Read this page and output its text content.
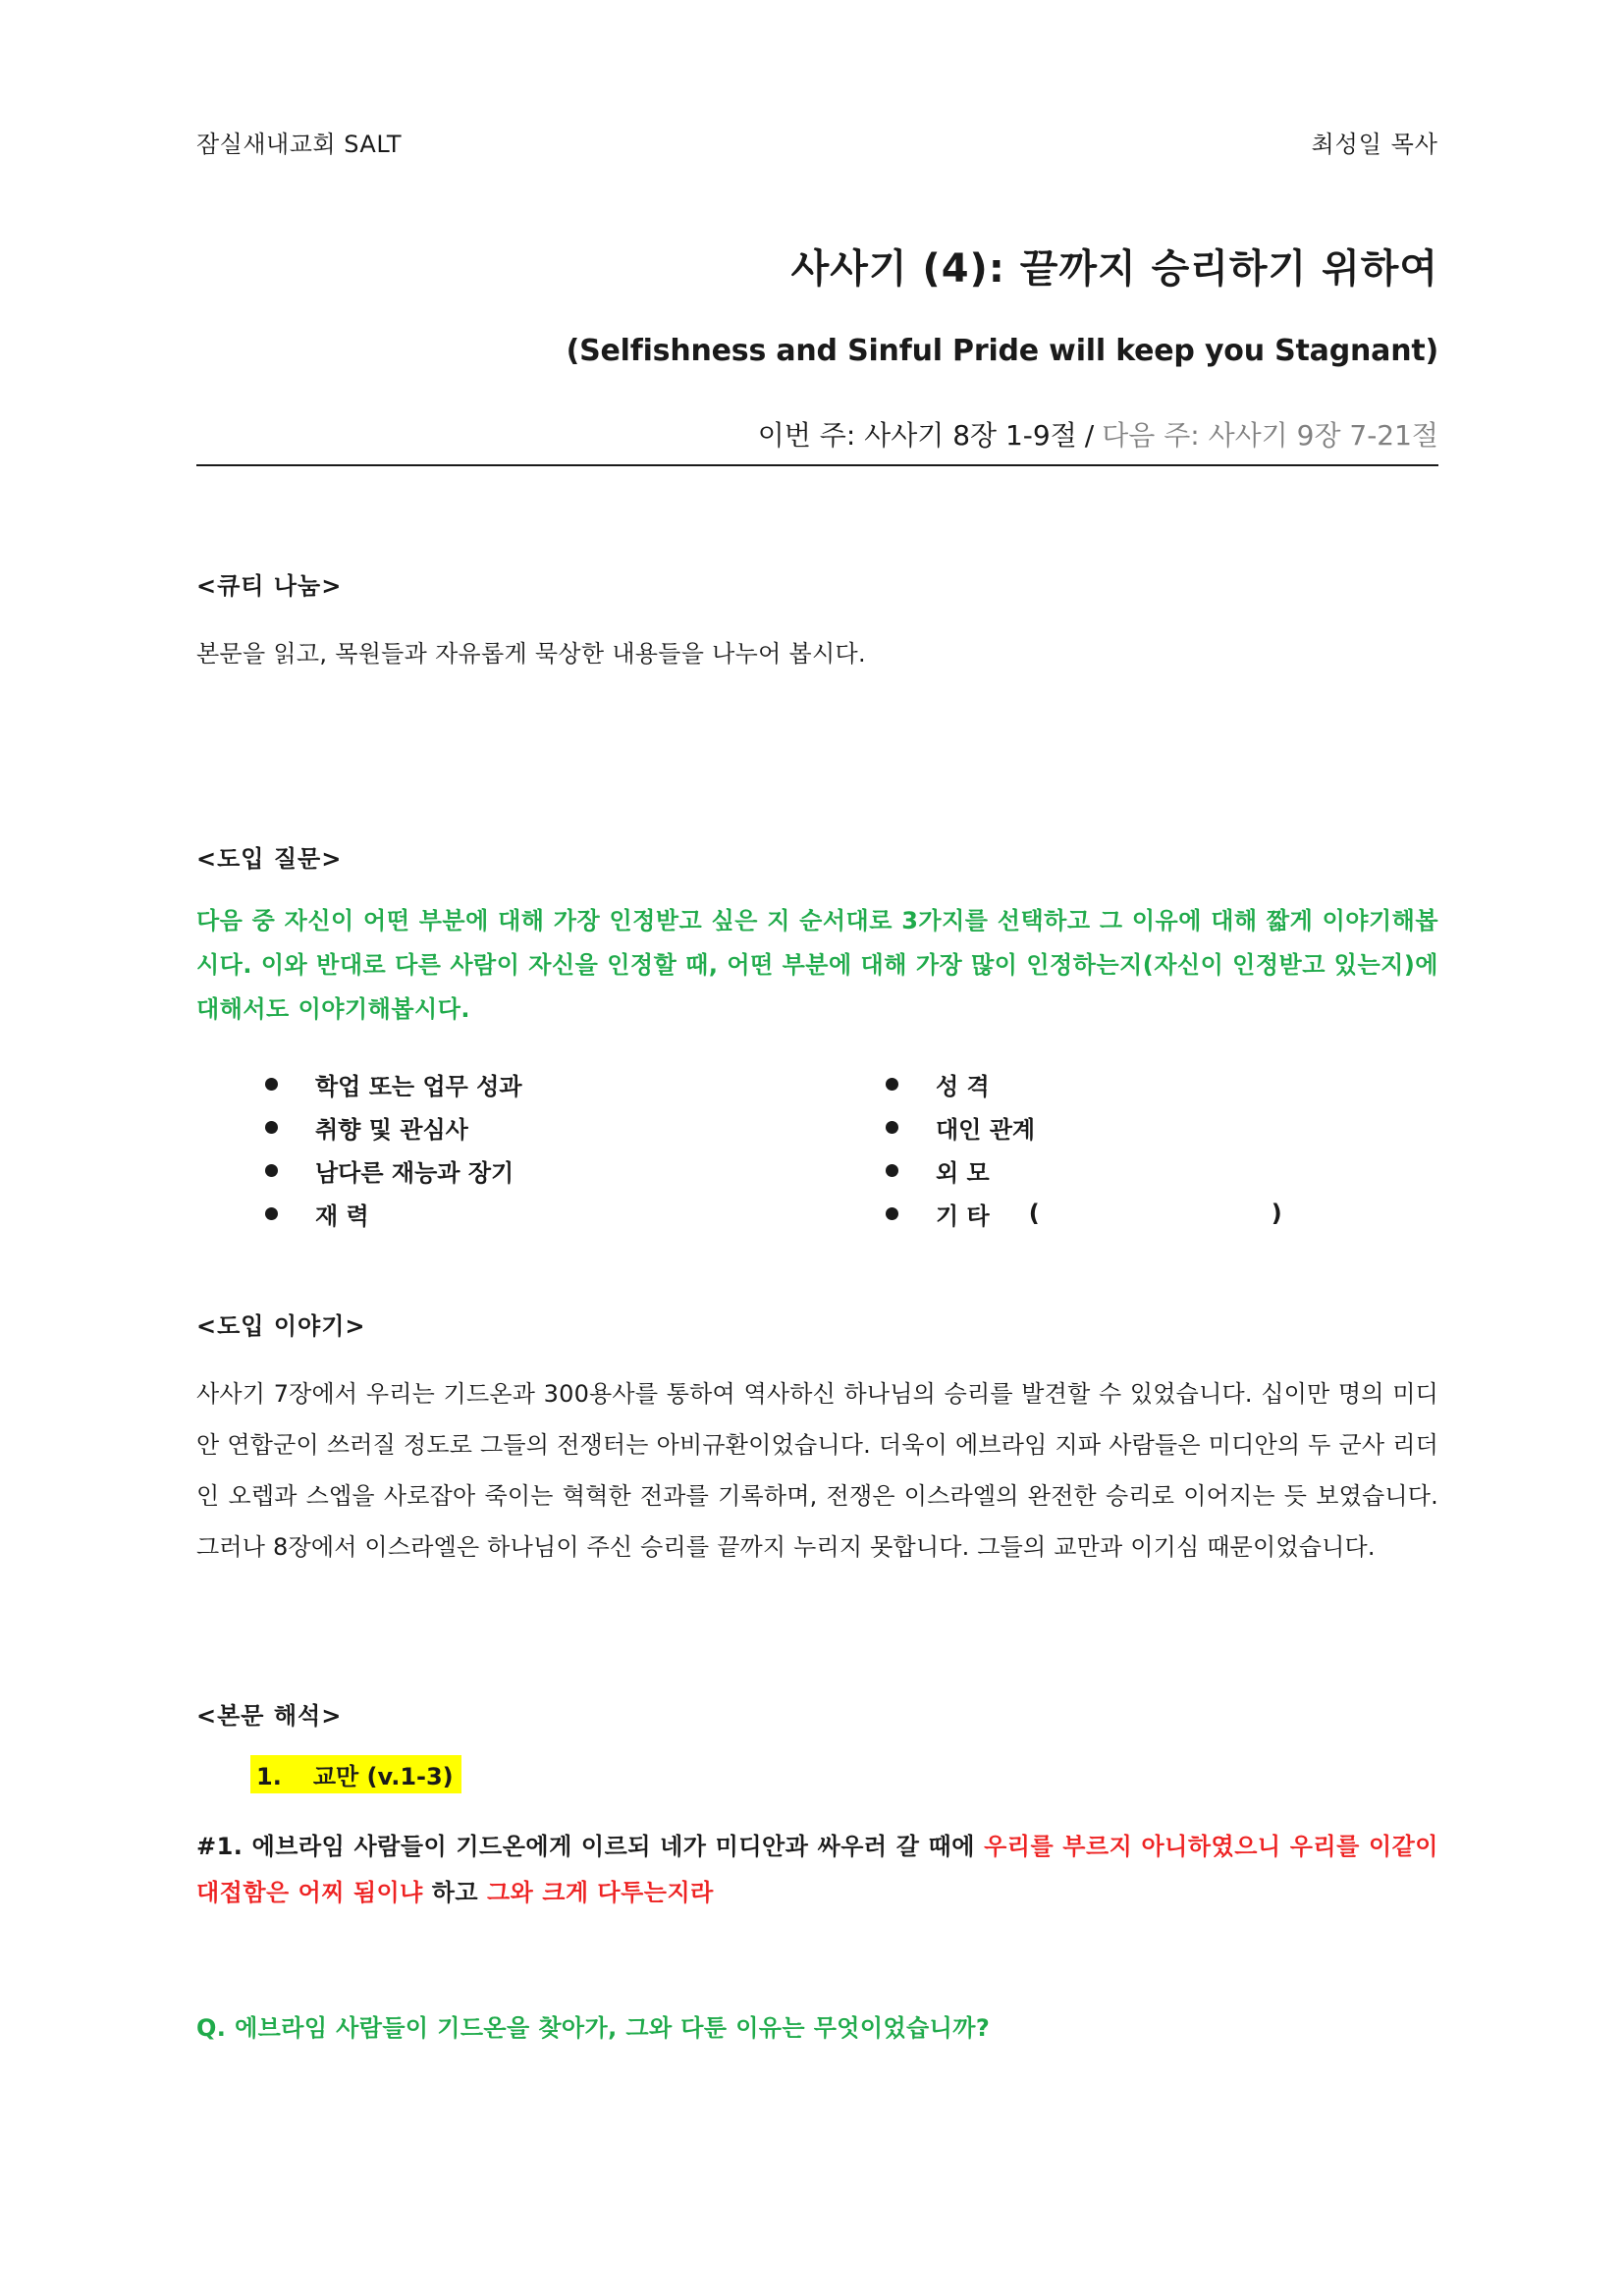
잠실새내교회 SALT	최성일 목사
사사기 (4): 끝까지 승리하기 위하여
(Selfishness and Sinful Pride will keep you Stagnant)
이번 주: 사사기 8장 1-9절 / 다음 주: 사사기 9장 7-21절
<큐티 나눔>
본문을 읽고, 목원들과 자유롭게 묵상한 내용들을 나누어 봅시다.
<도입 질문>
다음 중 자신이 어떤 부분에 대해 가장 인정받고 싶은 지 순서대로 3가지를 선택하고 그 이유에 대해 짧게 이야기해봅시다. 이와 반대로 다른 사람이 자신을 인정할 때, 어떤 부분에 대해 가장 많이 인정하는지(자신이 인정받고 있는지)에 대해서도 이야기해봅시다.
학업 또는 업무 성과
취향 및 관심사
남다른 재능과 장기
재 력
성 격
대인 관계
외 모
기 타 (	)
<도입 이야기>
사사기 7장에서 우리는 기드온과 300용사를 통하여 역사하신 하나님의 승리를 발견할 수 있었습니다. 십이만 명의 미디안 연합군이 쓰러질 정도로 그들의 전쟁터는 아비규환이었습니다. 더욱이 에브라임 지파 사람들은 미디안의 두 군사 리더인 오렙과 스엡을 사로잡아 죽이는 혁혁한 전과를 기록하며, 전쟁은 이스라엘의 완전한 승리로 이어지는 듯 보였습니다. 그러나 8장에서 이스라엘은 하나님이 주신 승리를 끝까지 누리지 못합니다. 그들의 교만과 이기심 때문이었습니다.
<본문 해석>
1. 교만 (v.1-3)
#1. 에브라임 사람들이 기드온에게 이르되 네가 미디안과 싸우러 갈 때에 우리를 부르지 아니하였으니 우리를 이같이 대접함은 어찌 됨이냐 하고 그와 크게 다투는지라
Q. 에브라임 사람들이 기드온을 찾아가, 그와 다툰 이유는 무엇이었습니까?
